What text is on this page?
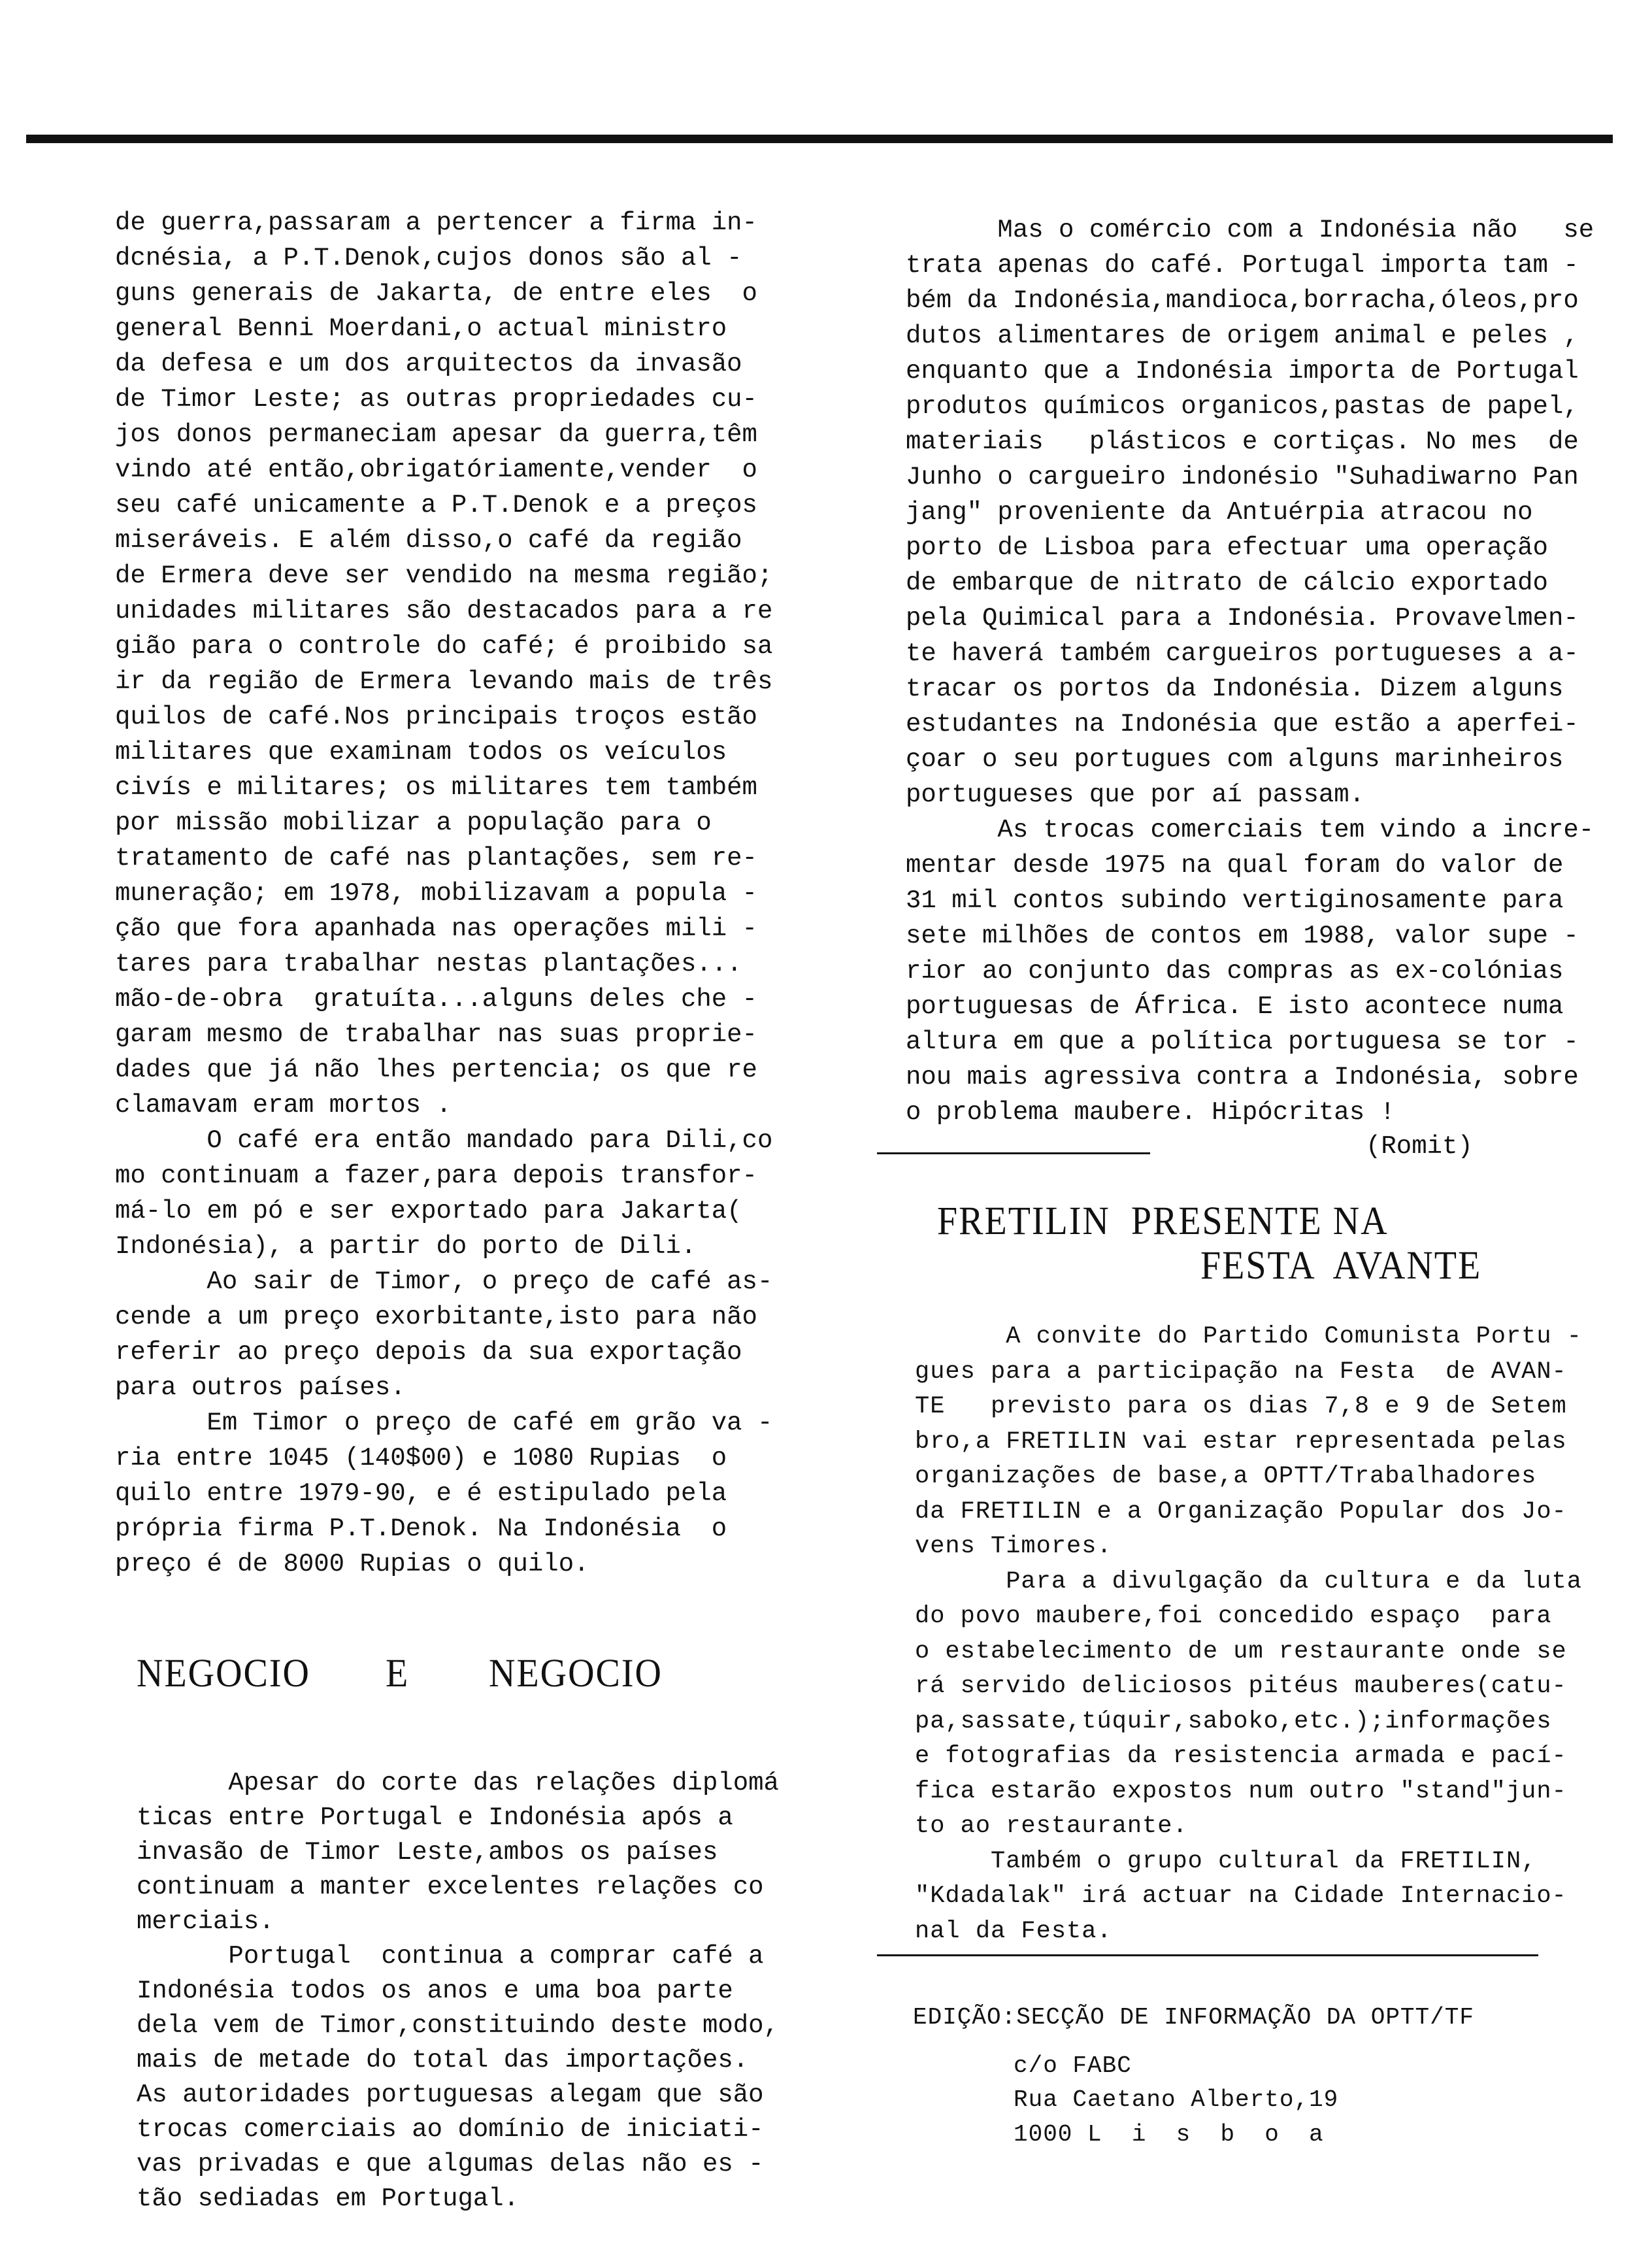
de guerra,passaram a pertencer a firma in-
dcnésia, a P.T.Denok,cujos donos são al -
guns generais de Jakarta, de entre eles  o
general Benni Moerdani,o actual ministro
da defesa e um dos arquitectos da invasão
de Timor Leste; as outras propriedades cu-
jos donos permaneciam apesar da guerra,têm
vindo até então,obrigatóriamente,vender  o
seu café unicamente a P.T.Denok e a preços
miseráveis. E além disso,o café da região
de Ermera deve ser vendido na mesma região;
unidades militares são destacados para a re
gião para o controle do café; é proibido sa
ir da região de Ermera levando mais de três
quilos de café.Nos principais troços estão
militares que examinam todos os veículos
civís e militares; os militares tem também
por missão mobilizar a população para o
tratamento de café nas plantações, sem re-
muneração; em 1978, mobilizavam a popula -
ção que fora apanhada nas operações mili -
tares para trabalhar nestas plantações...
mão-de-obra  gratuíta...alguns deles che -
garam mesmo de trabalhar nas suas proprie-
dades que já não lhes pertencia; os que re
clamavam eram mortos .
O café era então mandado para Dili,co
mo continuam a fazer,para depois transfor-
má-lo em pó e ser exportado para Jakarta(
Indonésia), a partir do porto de Dili.
Ao sair de Timor, o preço de café as-
cende a um preço exorbitante,isto para não
referir ao preço depois da sua exportação
para outros países.
Em Timor o preço de café em grão va -
ria entre 1045 (140$00) e 1080 Rupias  o
quilo entre 1979-90, e é estipulado pela
própria firma P.T.Denok. Na Indonésia  o
preço é de 8000 Rupias o quilo.
NEGOCIO E NEGOCIO
Apesar do corte das relações diplomá
ticas entre Portugal e Indonésia após a
invasão de Timor Leste,ambos os países
continuam a manter excelentes relações co
merciais.
Portugal  continua a comprar café a
Indonésia todos os anos e uma boa parte
dela vem de Timor,constituindo deste modo,
mais de metade do total das importações.
As autoridades portuguesas alegam que são
trocas comerciais ao domínio de iniciati-
vas privadas e que algumas delas não es -
tão sediadas em Portugal.
Mas o comércio com a Indonésia não   se
trata apenas do café. Portugal importa tam -
bém da Indonésia,mandioca,borracha,óleos,pro
dutos alimentares de origem animal e peles ,
enquanto que a Indonésia importa de Portugal
produtos químicos organicos,pastas de papel,
materiais   plásticos e cortiças. No mes  de
Junho o cargueiro indonésio "Suhadiwarno Pan
jang" proveniente da Antuérpia atracou no
porto de Lisboa para efectuar uma operação
de embarque de nitrato de cálcio exportado
pela Quimical para a Indonésia. Provavelmen-
te haverá também cargueiros portugueses a a-
tracar os portos da Indonésia. Dizem alguns
estudantes na Indonésia que estão a aperfei-
çoar o seu portugues com alguns marinheiros
portugueses que por aí passam.
As trocas comerciais tem vindo a incre-
mentar desde 1975 na qual foram do valor de
31 mil contos subindo vertiginosamente para
sete milhões de contos em 1988, valor supe -
rior ao conjunto das compras as ex-colónias
portuguesas de África. E isto acontece numa
altura em que a política portuguesa se tor -
nou mais agressiva contra a Indonésia, sobre
o problema maubere. Hipócritas !
(Romit)
FRETILIN  PRESENTE NA
FESTA  AVANTE
A convite do Partido Comunista Portu -
gues para a participação na Festa  de AVAN-
TE   previsto para os dias 7,8 e 9 de Setem
bro,a FRETILIN vai estar representada pelas
organizações de base,a OPTT/Trabalhadores
da FRETILIN e a Organização Popular dos Jo-
vens Timores.
Para a divulgação da cultura e da luta
do povo maubere,foi concedido espaço  para
o estabelecimento de um restaurante onde se
rá servido deliciosos pitéus mauberes(catu-
pa,sassate,túquir,saboko,etc.);informações
e fotografias da resistencia armada e pací-
fica estarão expostos num outro "stand"jun-
to ao restaurante.
Também o grupo cultural da FRETILIN,
"Kdadalak" irá actuar na Cidade Internacio-
nal da Festa.
EDIÇÃO:SECÇÃO DE INFORMAÇÃO DA OPTT/TF
c/o FABC
Rua Caetano Alberto,19
1000 L  i  s  b  o  a
